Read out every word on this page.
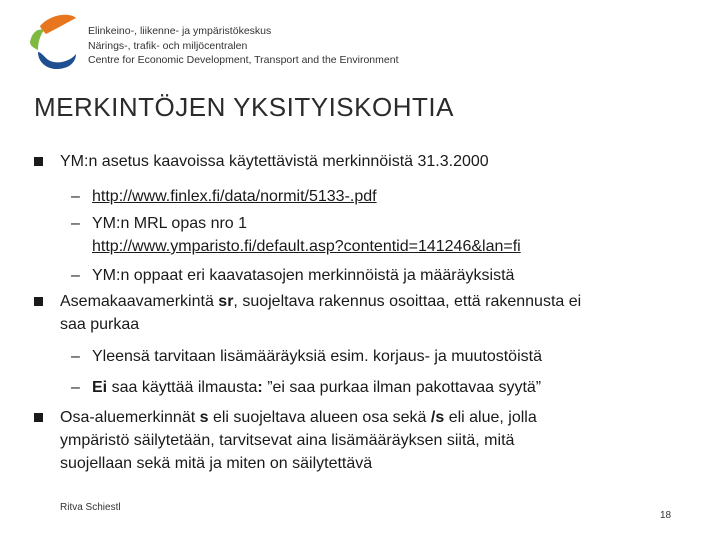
Elinkeino-, liikenne- ja ympäristökeskus
Närings-, trafik- och miljöcentralen
Centre for Economic Development, Transport and the Environment
MERKINTÖJEN YKSITYISKOHTIA
YM:n asetus kaavoissa käytettävistä merkinnöistä 31.3.2000
– http://www.finlex.fi/data/normit/5133-.pdf
– YM:n MRL opas nro 1
http://www.ymparisto.fi/default.asp?contentid=141246&lan=fi
– YM:n oppaat eri kaavatasojen merkinnöistä ja määräyksistä
Asemakaavamerkintä sr, suojeltava rakennus osoittaa, että rakennusta ei
saa purkaa
– Yleensä tarvitaan lisämääräyksiä esim. korjaus- ja muutostöistä
– Ei saa käyttää ilmausta: ”ei saa purkaa ilman pakottavaa syytä”
Osa-aluemerkinnät s eli suojeltava alueen osa sekä /s eli alue, jolla
ympäristö säilytetään, tarvitsevat aina lisämääräyksen siitä, mitä
suojellaan sekä mitä ja miten on säilytettävä
Ritva Schiestl
18
